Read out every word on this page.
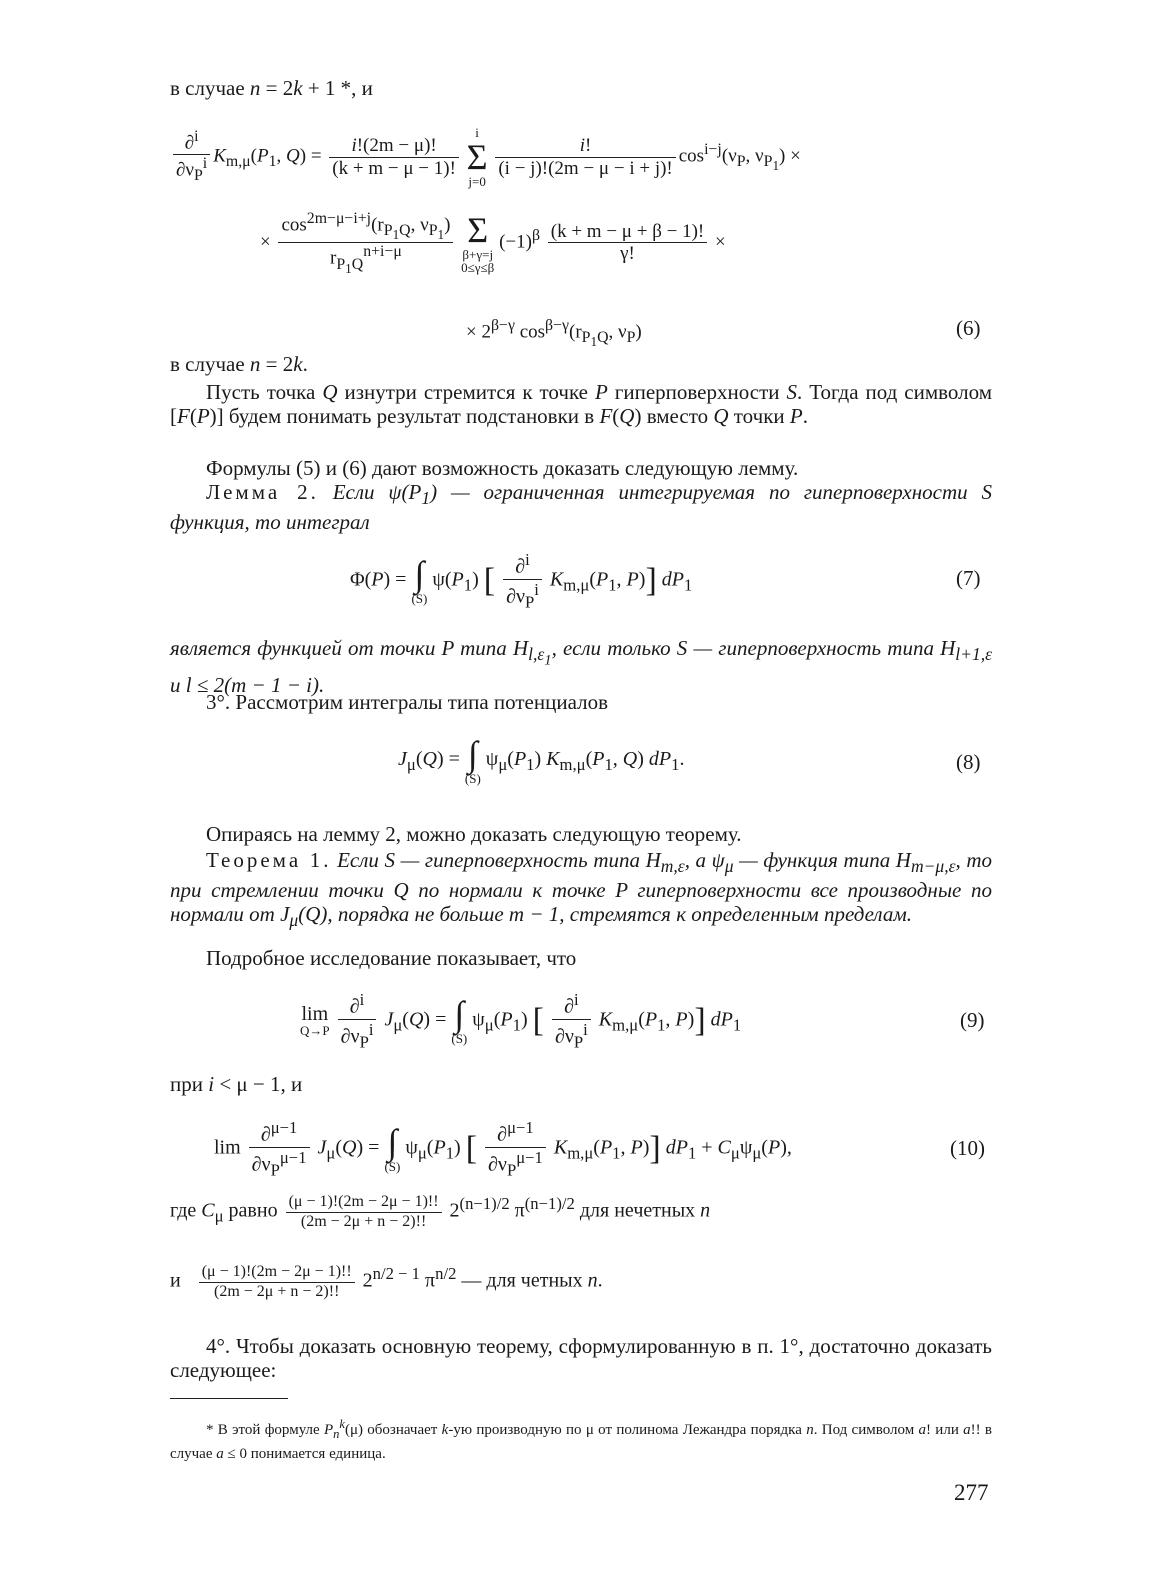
в случае n = 2k + 1 *, и
∂$^i$
$\partial\nu_P^i$ $K_{m,\mu}(P_1$, $Q) = \frac{i!(2m - \mu)!}{(k + m - \mu - 1)!}$

i
Σ
j=0

$\frac{i!}{(i - j)!(2m - \mu - i + j)!} \cos^{i-j}(\nu_P$, $\nu_{P_1}$) ×
× $\frac{\cos^{2m-\mu-i+j}(r_{P_1Q}, \nu_{P_1})}{r_{P_1Q}^{n+i-\mu}}$
Σ
β+γ=j
0≤γ≤β
$(-1)^\beta \frac{(k + m - \mu + \beta - 1)!}{\gamma!}$ ×
× $2^{\beta-\gamma}$ $\cos^{\beta-\gamma}(r_{P_1Q}$, $\nu_P$)	(6)
в случае n = 2k.
Пусть точка Q изнутри стремится к точке P гиперповерхности S. Тогда под символом [F(P)] будем понимать результат подстановки в F(Q) вместо Q точки P.
Формулы (5) и (6) дают возможность доказать следующую лемму.
Лемма 2. Если $\psi(P_1)$ — ограниченная интегрируемая по гиперповерхности S функция, то интеграл
Φ(P) = ∫
(S)
$\psi(P_1)$ [	∂$^i$
$\partial\nu_P^i$ $K_{m,\mu}(P_1$, P)] $dP_1$	(7)
является функцией от точки P типа $H_{l,\varepsilon_1}$, если только S — гиперповерхность типа $H_{l+1,\varepsilon}$ и l ≤ 2(m − 1 − i).
3°. Рассмотрим интегралы типа потенциалов
$J_\mu(Q)$ = ∫
(S)
$\psi_\mu(P_1)$ $K_{m,\mu}(P_1$, Q) $dP_1$.	(8)
Опираясь на лемму 2, можно доказать следующую теорему.
Теорема 1. Если S — гиперповерхность типа $H_{m,\varepsilon}$, а $\psi_\mu$ — функция типа $H_{m-\mu,\varepsilon}$, то при стремлении точки Q по нормали к точке P гиперповерхности все производные по нормали от $J_\mu(Q)$, порядка не больше m − 1, стремятся к определенным пределам.
Подробное исследование показывает, что
lim
Q→P

∂$^i$
$\partial\nu_P^i$ $J_\mu(Q)$ = ∫
(S)
$\psi_\mu(P_1)$ [	∂$^i$
$\partial\nu_P^i$ $K_{m,\mu}(P_1$, P)] $dP_1$	(9)
при i < μ − 1, и
lim
∂$^{\mu-1}$
$\partial\nu_P^{\mu-1}$ $J_\mu(Q)$ = ∫
(S)
$\psi_\mu(P_1)$ [	∂$^{\mu-1}$
$\partial\nu_P^{\mu-1}$ $K_{m,\mu}(P_1$, P)] $dP_1 + C_\mu\psi_\mu(P)$,	(10)
где $C_\mu$ равно $\frac{(\mu - 1)!(2m - 2\mu - 1)!!}{(2m - 2\mu + n - 2)!!} 2^{(n-1)/2}$ $\pi^{(n-1)/2}$ для нечетных n
и $\frac{(\mu - 1)!(2m - 2\mu - 1)!!}{(2m - 2\mu + n - 2)!!} 2^{n/2 - 1}$ $\pi^{n/2}$ — для четных n.
4°. Чтобы доказать основную теорему, сформулированную в п. 1°, достаточно доказать следующее:
* В этой формуле $P_n^k(\mu)$ обозначает k-ую производную по μ от полинома Лежандра порядка n. Под символом a! или a!! в случае a ≤ 0 понимается единица.
277
